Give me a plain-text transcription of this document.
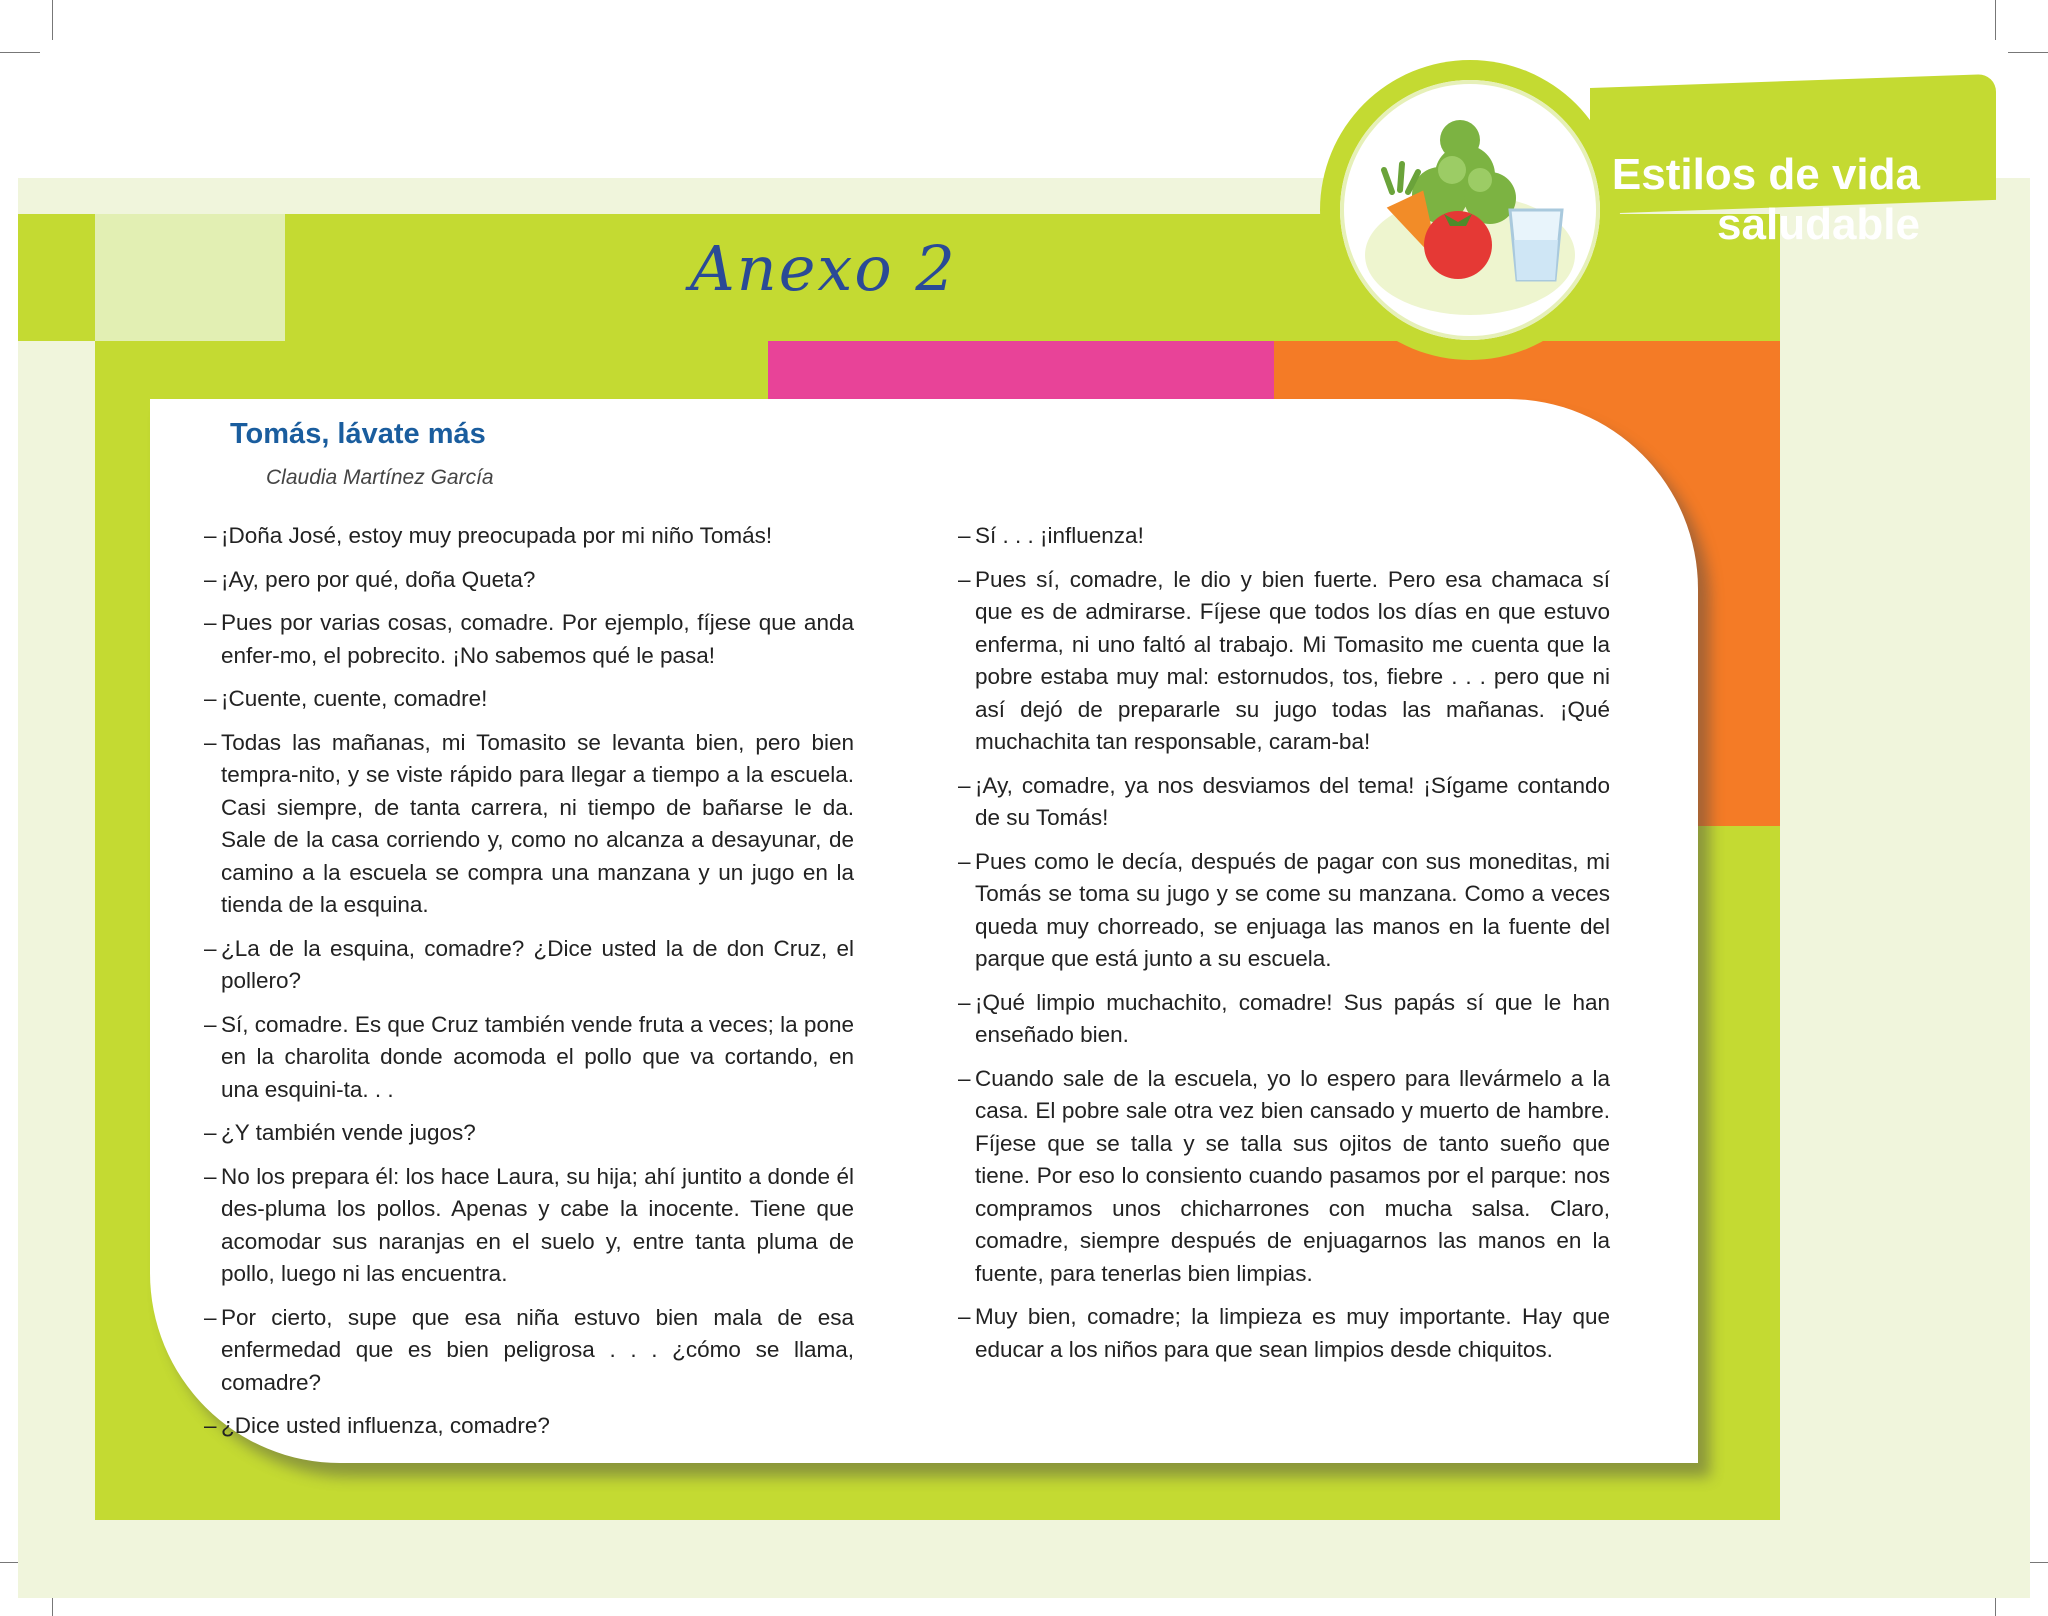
Estilos de vida saludable
Anexo 2
Tomás, lávate más
Claudia Martínez García
– ¡Doña José, estoy muy preocupada por mi niño Tomás!
– ¡Ay, pero por qué, doña Queta?
– Pues por varias cosas, comadre. Por ejemplo, fíjese que anda enfer-mo, el pobrecito. ¡No sabemos qué le pasa!
– ¡Cuente, cuente, comadre!
– Todas las mañanas, mi Tomasito se levanta bien, pero bien tempra-nito, y se viste rápido para llegar a tiempo a la escuela. Casi siempre, de tanta carrera, ni tiempo de bañarse le da. Sale de la casa corriendo y, como no alcanza a desayunar, de camino a la escuela se compra una manzana y un jugo en la tienda de la esquina.
– ¿La de la esquina, comadre? ¿Dice usted la de don Cruz, el pollero?
– Sí, comadre. Es que Cruz también vende fruta a veces; la pone en la charolita donde acomoda el pollo que va cortando, en una esquini-ta. . .
– ¿Y también vende jugos?
– No los prepara él: los hace Laura, su hija; ahí juntito a donde él des-pluma los pollos. Apenas y cabe la inocente. Tiene que acomodar sus naranjas en el suelo y, entre tanta pluma de pollo, luego ni las encuentra.
– Por cierto, supe que esa niña estuvo bien mala de esa enfermedad que es bien peligrosa . . . ¿cómo se llama, comadre?
– ¿Dice usted influenza, comadre?
– Sí . . . ¡influenza!
– Pues sí, comadre, le dio y bien fuerte. Pero esa chamaca sí que es de admirarse. Fíjese que todos los días en que estuvo enferma, ni uno faltó al trabajo. Mi Tomasito me cuenta que la pobre estaba muy mal: estornudos, tos, fiebre . . . pero que ni así dejó de prepararle su jugo todas las mañanas. ¡Qué muchachita tan responsable, caram-ba!
– ¡Ay, comadre, ya nos desviamos del tema! ¡Sígame contando de su Tomás!
– Pues como le decía, después de pagar con sus moneditas, mi Tomás se toma su jugo y se come su manzana. Como a veces queda muy chorreado, se enjuaga las manos en la fuente del parque que está junto a su escuela.
– ¡Qué limpio muchachito, comadre! Sus papás sí que le han enseñado bien.
– Cuando sale de la escuela, yo lo espero para llevármelo a la casa. El pobre sale otra vez bien cansado y muerto de hambre. Fíjese que se talla y se talla sus ojitos de tanto sueño que tiene. Por eso lo consiento cuando pasamos por el parque: nos compramos unos chicharrones con mucha salsa. Claro, comadre, siempre después de enjuagarnos las manos en la fuente, para tenerlas bien limpias.
– Muy bien, comadre; la limpieza es muy importante. Hay que educar a los niños para que sean limpios desde chiquitos.
